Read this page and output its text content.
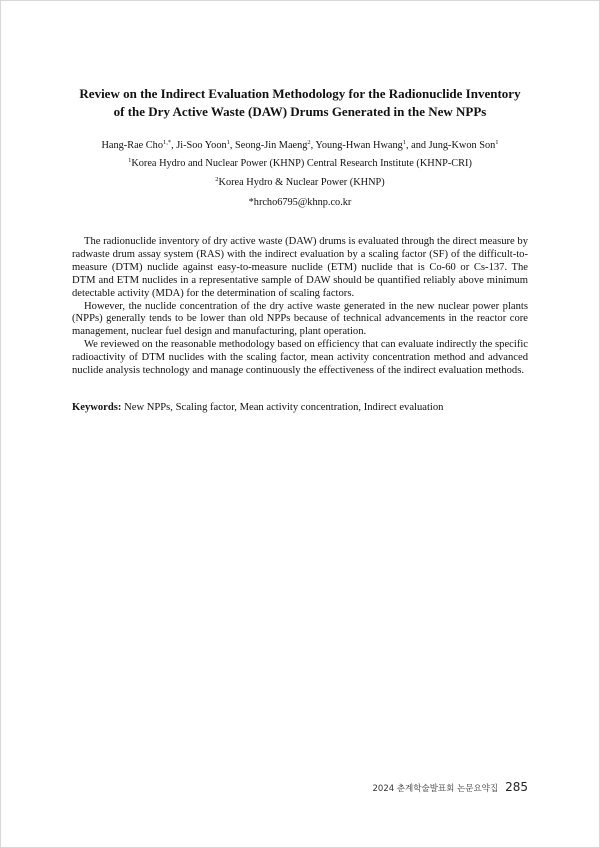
Review on the Indirect Evaluation Methodology for the Radionuclide Inventory
of the Dry Active Waste (DAW) Drums Generated in the New NPPs
Hang-Rae Cho$^{1,*}$, Ji-Soo Yoon$^1$, Seong-Jin Maeng$^2$, Young-Hwan Hwang$^1$, and Jung-Kwon Son$^1$
$^1$Korea Hydro and Nuclear Power (KHNP) Central Research Institute (KHNP-CRI)
$^2$Korea Hydro & Nuclear Power (KHNP)
*hrcho6795@khnp.co.kr

The radionuclide inventory of dry active waste (DAW) drums is evaluated through the direct measure by radwaste drum assay system (RAS) with the indirect evaluation by a scaling factor (SF) of the difficult-to-measure (DTM) nuclide against easy-to-measure nuclide (ETM) nuclide that is Co-60 or Cs-137. The DTM and ETM nuclides in a representative sample of DAW should be quantified reliably above minimum detectable activity (MDA) for the determination of scaling factors.

However, the nuclide concentration of the dry active waste generated in the new nuclear power plants (NPPs) generally tends to be lower than old NPPs because of technical advancements in the reactor core management, nuclear fuel design and manufacturing, plant operation.

We reviewed on the reasonable methodology based on efficiency that can evaluate indirectly the specific radioactivity of DTM nuclides with the scaling factor, mean activity concentration method and advanced nuclide analysis technology and manage continuously the effectiveness of the indirect evaluation methods.

Keywords: New NPPs, Scaling factor, Mean activity concentration, Indirect evaluation
2024 춘계학술발표회 논문요약집 285
